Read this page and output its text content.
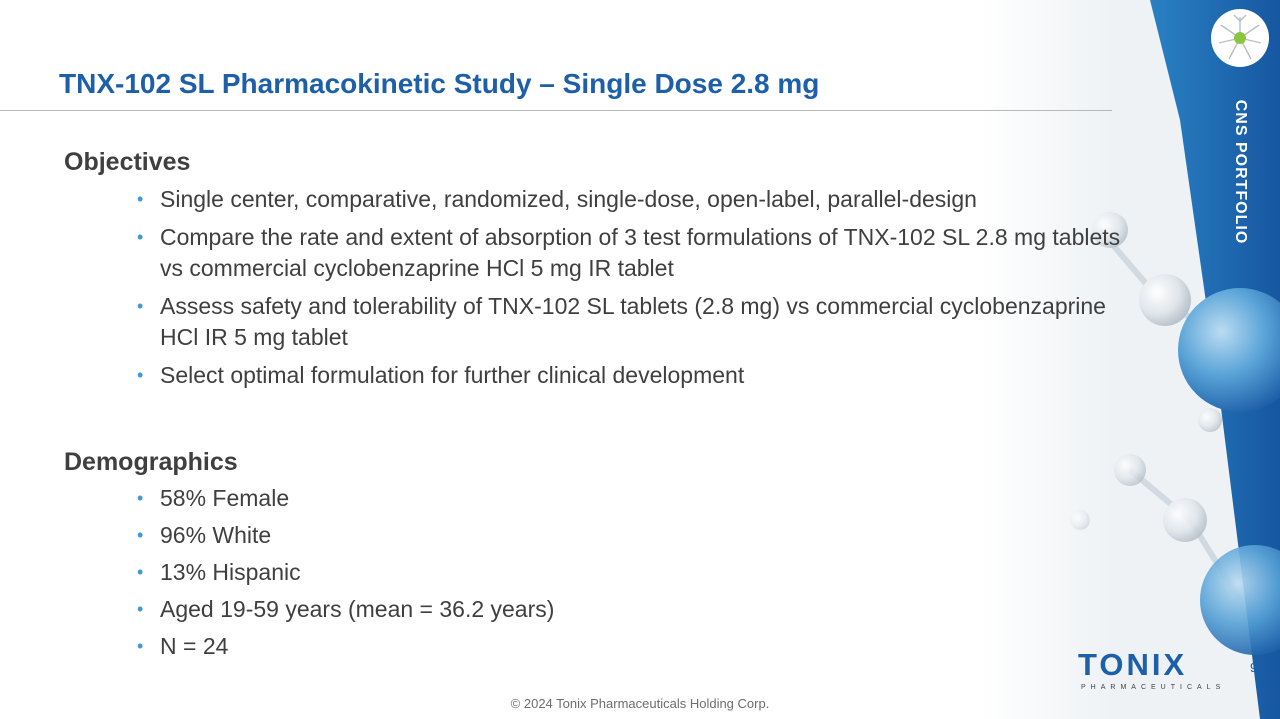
CNS PORTFOLIO
TNX-102 SL Pharmacokinetic Study – Single Dose 2.8 mg
Objectives
• Single center, comparative, randomized, single-dose, open-label, parallel-design
• Compare the rate and extent of absorption of 3 test formulations of TNX-102 SL 2.8 mg tablets vs commercial cyclobenzaprine HCl 5 mg IR tablet
• Assess safety and tolerability of TNX-102 SL tablets (2.8 mg) vs commercial cyclobenzaprine HCl IR 5 mg tablet
• Select optimal formulation for further clinical development
Demographics
• 58% Female
• 96% White
• 13% Hispanic
• Aged 19-59 years (mean = 36.2 years)
• N = 24
TONIX
PHARMACEUTICALS
9
© 2024 Tonix Pharmaceuticals Holding Corp.
